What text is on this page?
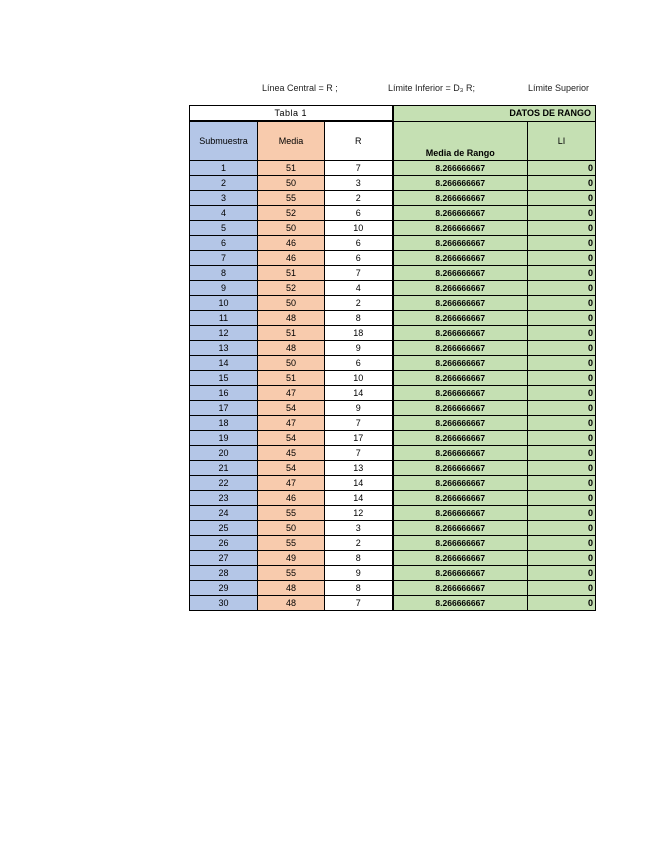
Línea Central = R ;	Límite Inferior = D₃ R;	Límite Superior
Tabla 1			DATOS DE RANGO	
Submuestra	Media	R	Media de Rango	LI
1	51	7	8.266666667	0
2	50	3	8.266666667	0
3	55	2	8.266666667	0
4	52	6	8.266666667	0
5	50	10	8.266666667	0
6	46	6	8.266666667	0
7	46	6	8.266666667	0
8	51	7	8.266666667	0
9	52	4	8.266666667	0
10	50	2	8.266666667	0
11	48	8	8.266666667	0
12	51	18	8.266666667	0
13	48	9	8.266666667	0
14	50	6	8.266666667	0
15	51	10	8.266666667	0
16	47	14	8.266666667	0
17	54	9	8.266666667	0
18	47	7	8.266666667	0
19	54	17	8.266666667	0
20	45	7	8.266666667	0
21	54	13	8.266666667	0
22	47	14	8.266666667	0
23	46	14	8.266666667	0
24	55	12	8.266666667	0
25	50	3	8.266666667	0
26	55	2	8.266666667	0
27	49	8	8.266666667	0
28	55	9	8.266666667	0
29	48	8	8.266666667	0
30	48	7	8.266666667	0
